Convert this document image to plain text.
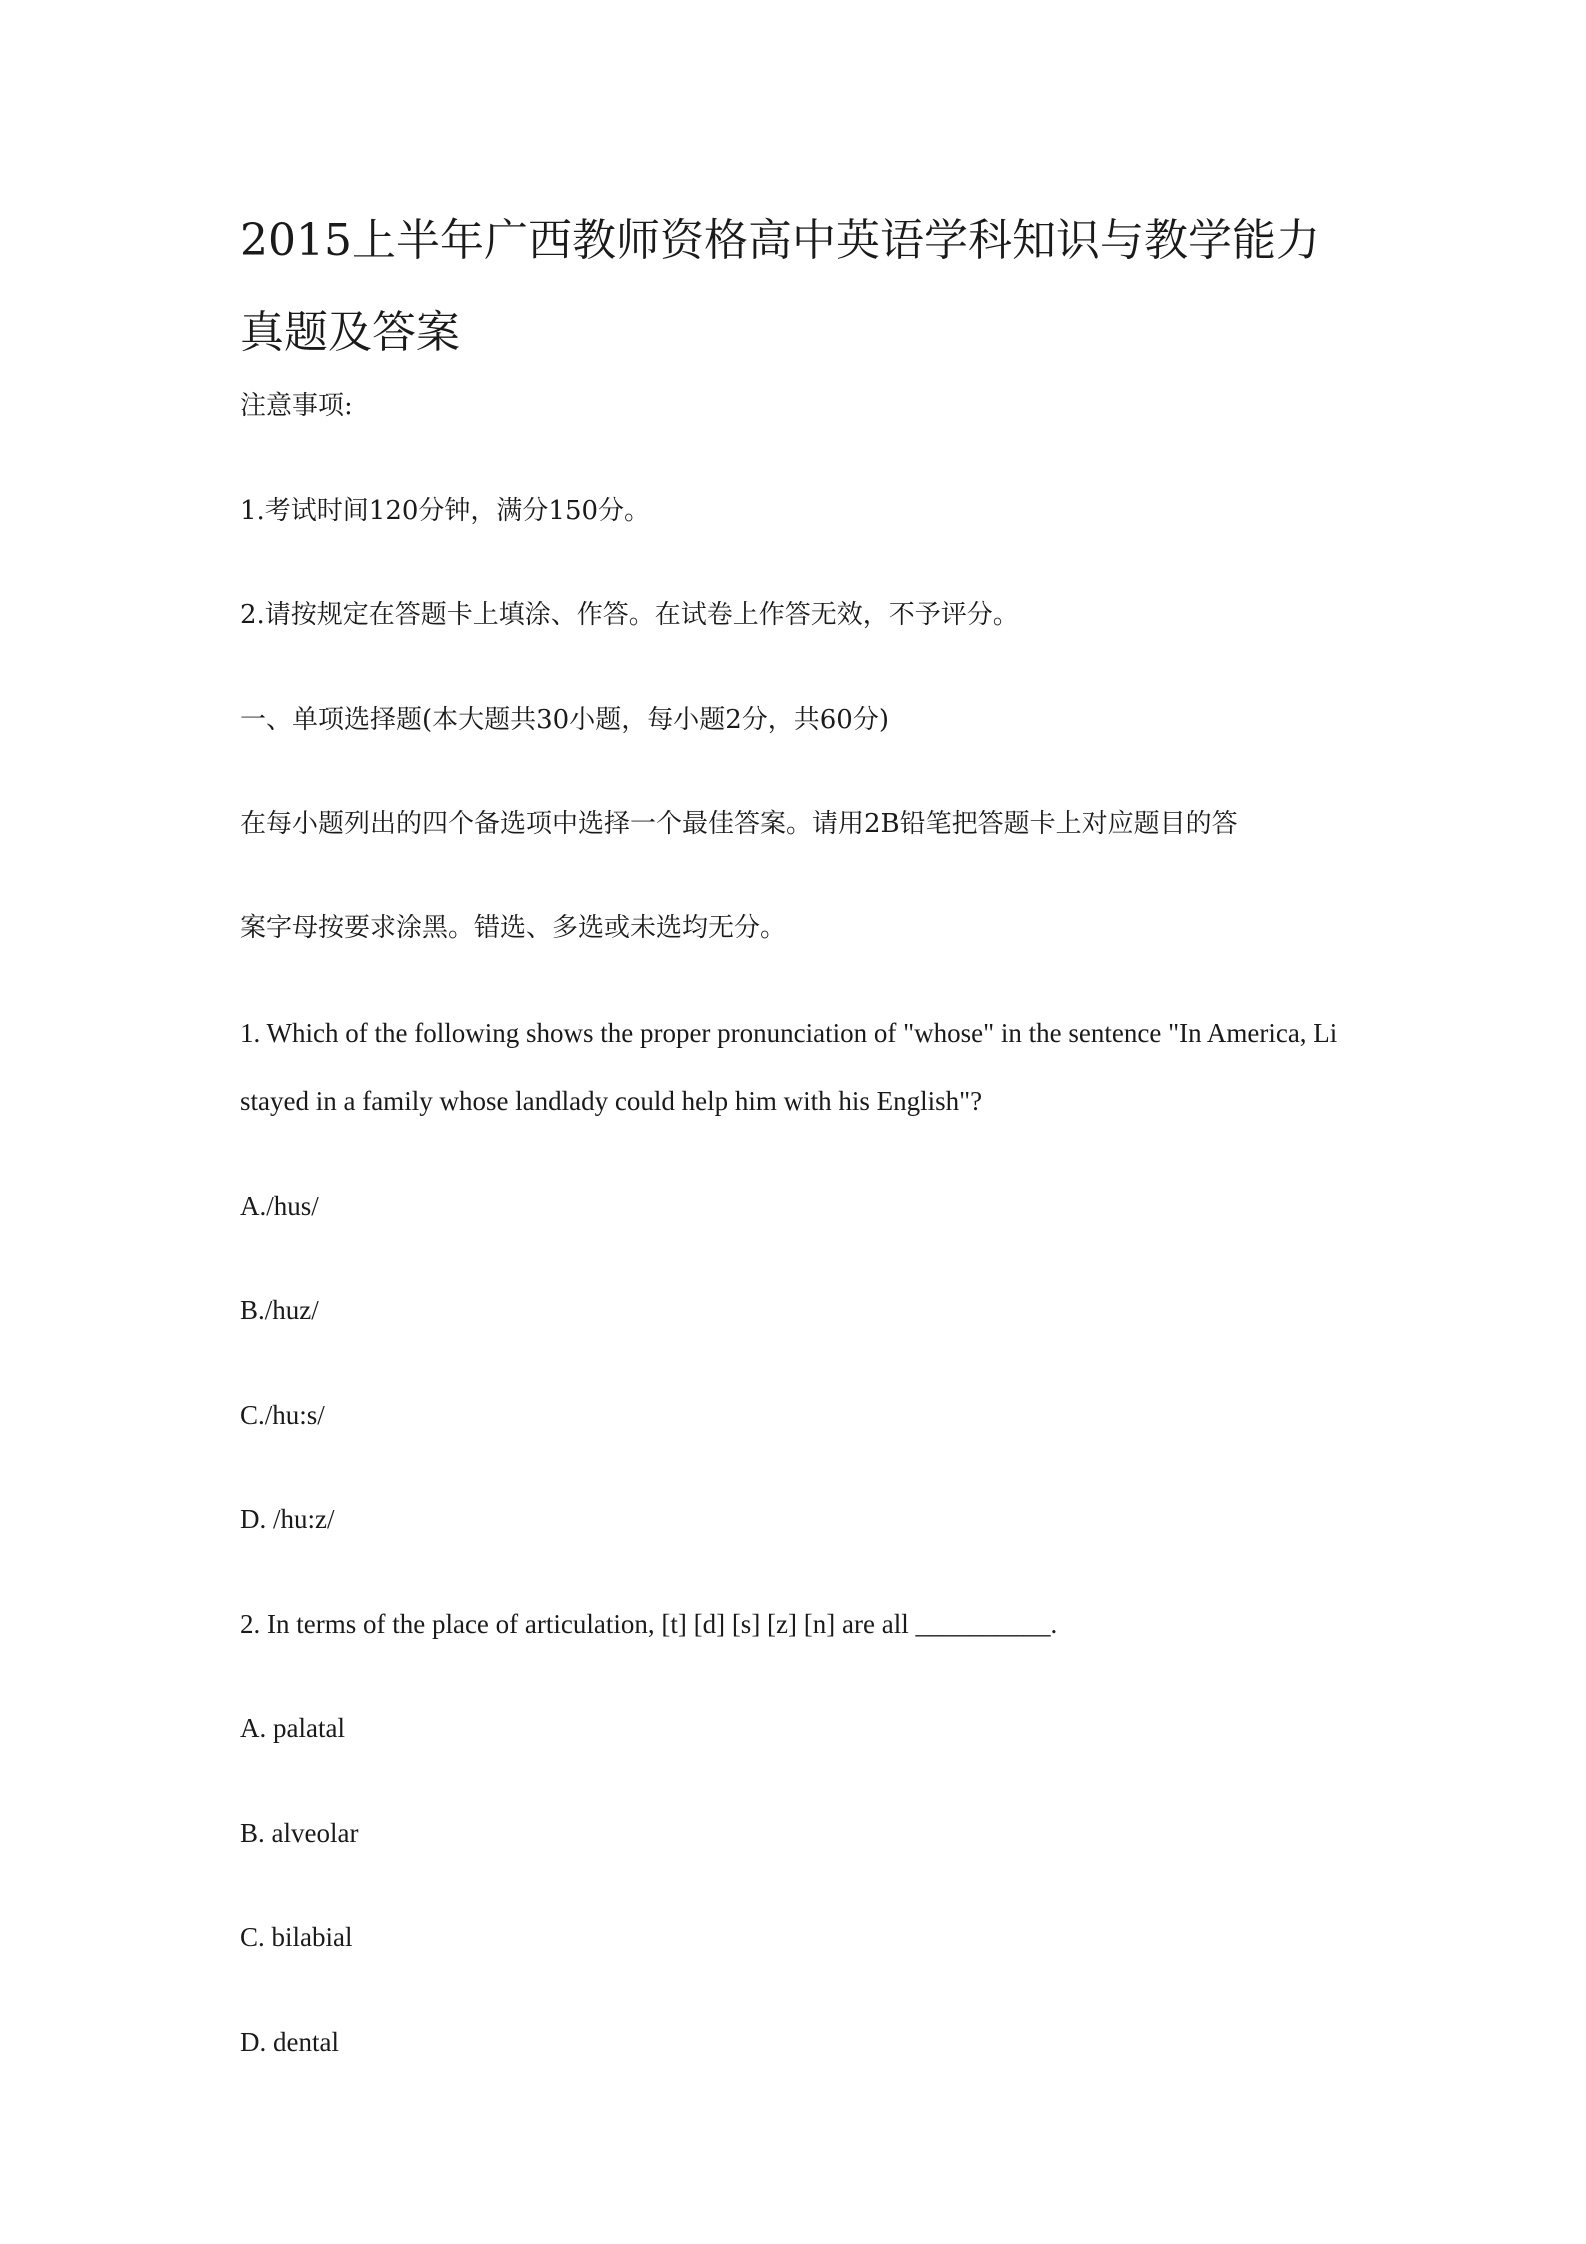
2015上半年广西教师资格高中英语学科知识与教学能力真题及答案

注意事项:

1.考试时间120分钟，满分150分。

2.请按规定在答题卡上填涂、作答。在试卷上作答无效，不予评分。

一、单项选择题(本大题共30小题，每小题2分，共60分)

在每小题列出的四个备选项中选择一个最佳答案。请用2B铅笔把答题卡上对应题目的答

案字母按要求涂黑。错选、多选或未选均无分。

1. Which of the following shows the proper pronunciation of "whose" in the sentence "In America, Li

stayed in a family whose landlady could help him with his English"?

A./hus/

B./huz/

C./hu:s/

D. /hu:z/

2. In terms of the place of articulation, [t] [d] [s] [z] [n] are all __________.

A. palatal

B. alveolar

C. bilabial

D. dental
